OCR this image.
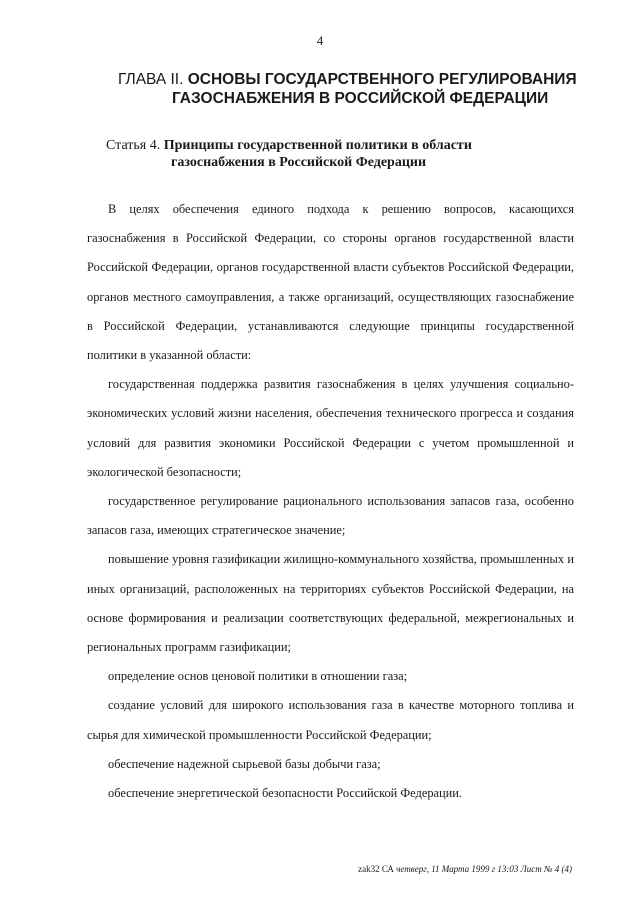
4
ГЛАВА II. ОСНОВЫ ГОСУДАРСТВЕННОГО РЕГУЛИРОВАНИЯ
ГАЗОСНАБЖЕНИЯ В РОССИЙСКОЙ ФЕДЕРАЦИИ
Статья 4. Принципы государственной политики в области
газоснабжения в Российской Федерации

В целях обеспечения единого подхода к решению вопросов, касающихся газоснабжения в Российской Федерации, со стороны органов государственной власти Российской Федерации, органов государственной власти субъектов Российской Федерации, органов местного самоуправления, а также организаций, осуществляющих газоснабжение в Российской Федерации, устанавливаются следующие принципы государственной политики в указанной области:

государственная поддержка развития газоснабжения в целях улучшения социально-экономических условий жизни населения, обеспечения технического прогресса и создания условий для развития экономики Российской Федерации с учетом промышленной и экологической безопасности;

государственное регулирование рационального использования запасов газа, особенно запасов газа, имеющих стратегическое значение;

повышение уровня газификации жилищно-коммунального хозяйства, промышленных и иных организаций, расположенных на территориях субъектов Российской Федерации, на основе формирования и реализации соответствующих федеральной, межрегиональных и региональных программ газификации;

определение основ ценовой политики в отношении газа;

создание условий для широкого использования газа в качестве моторного топлива и сырья для химической промышленности Российской Федерации;

обеспечение надежной сырьевой базы добычи газа;

обеспечение энергетической безопасности Российской Федерации.

zak32 СА четверг, 11 Марта 1999 г 13:03 Лист № 4 (4)
